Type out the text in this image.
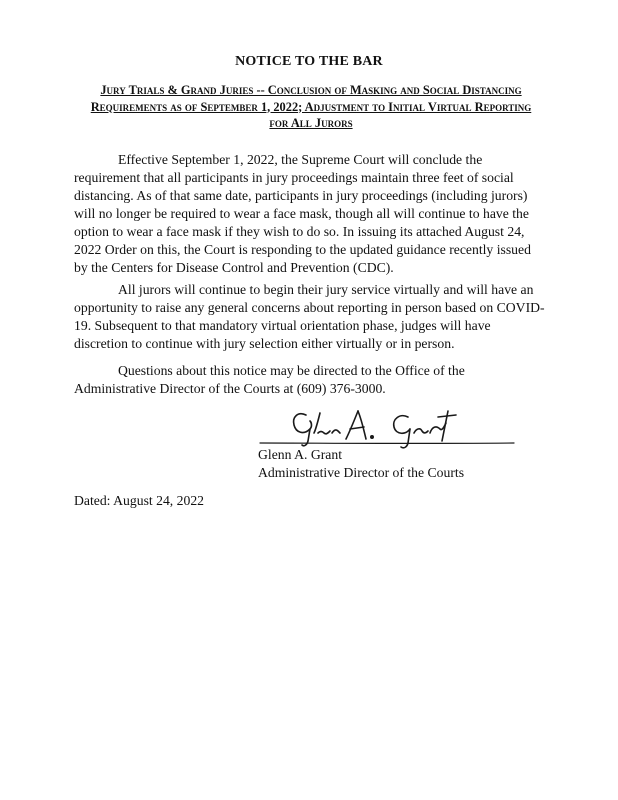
NOTICE TO THE BAR
Jury Trials & Grand Juries -- Conclusion of Masking and Social Distancing Requirements as of September 1, 2022; Adjustment to Initial Virtual Reporting for All Jurors

Effective September 1, 2022, the Supreme Court will conclude the requirement that all participants in jury proceedings maintain three feet of social distancing. As of that same date, participants in jury proceedings (including jurors) will no longer be required to wear a face mask, though all will continue to have the option to wear a face mask if they wish to do so. In issuing its attached August 24, 2022 Order on this, the Court is responding to the updated guidance recently issued by the Centers for Disease Control and Prevention (CDC).

All jurors will continue to begin their jury service virtually and will have an opportunity to raise any general concerns about reporting in person based on COVID-19. Subsequent to that mandatory virtual orientation phase, judges will have discretion to continue with jury selection either virtually or in person.

Questions about this notice may be directed to the Office of the Administrative Director of the Courts at (609) 376-3000.

Glenn A. Grant
Administrative Director of the Courts
Dated: August 24, 2022
